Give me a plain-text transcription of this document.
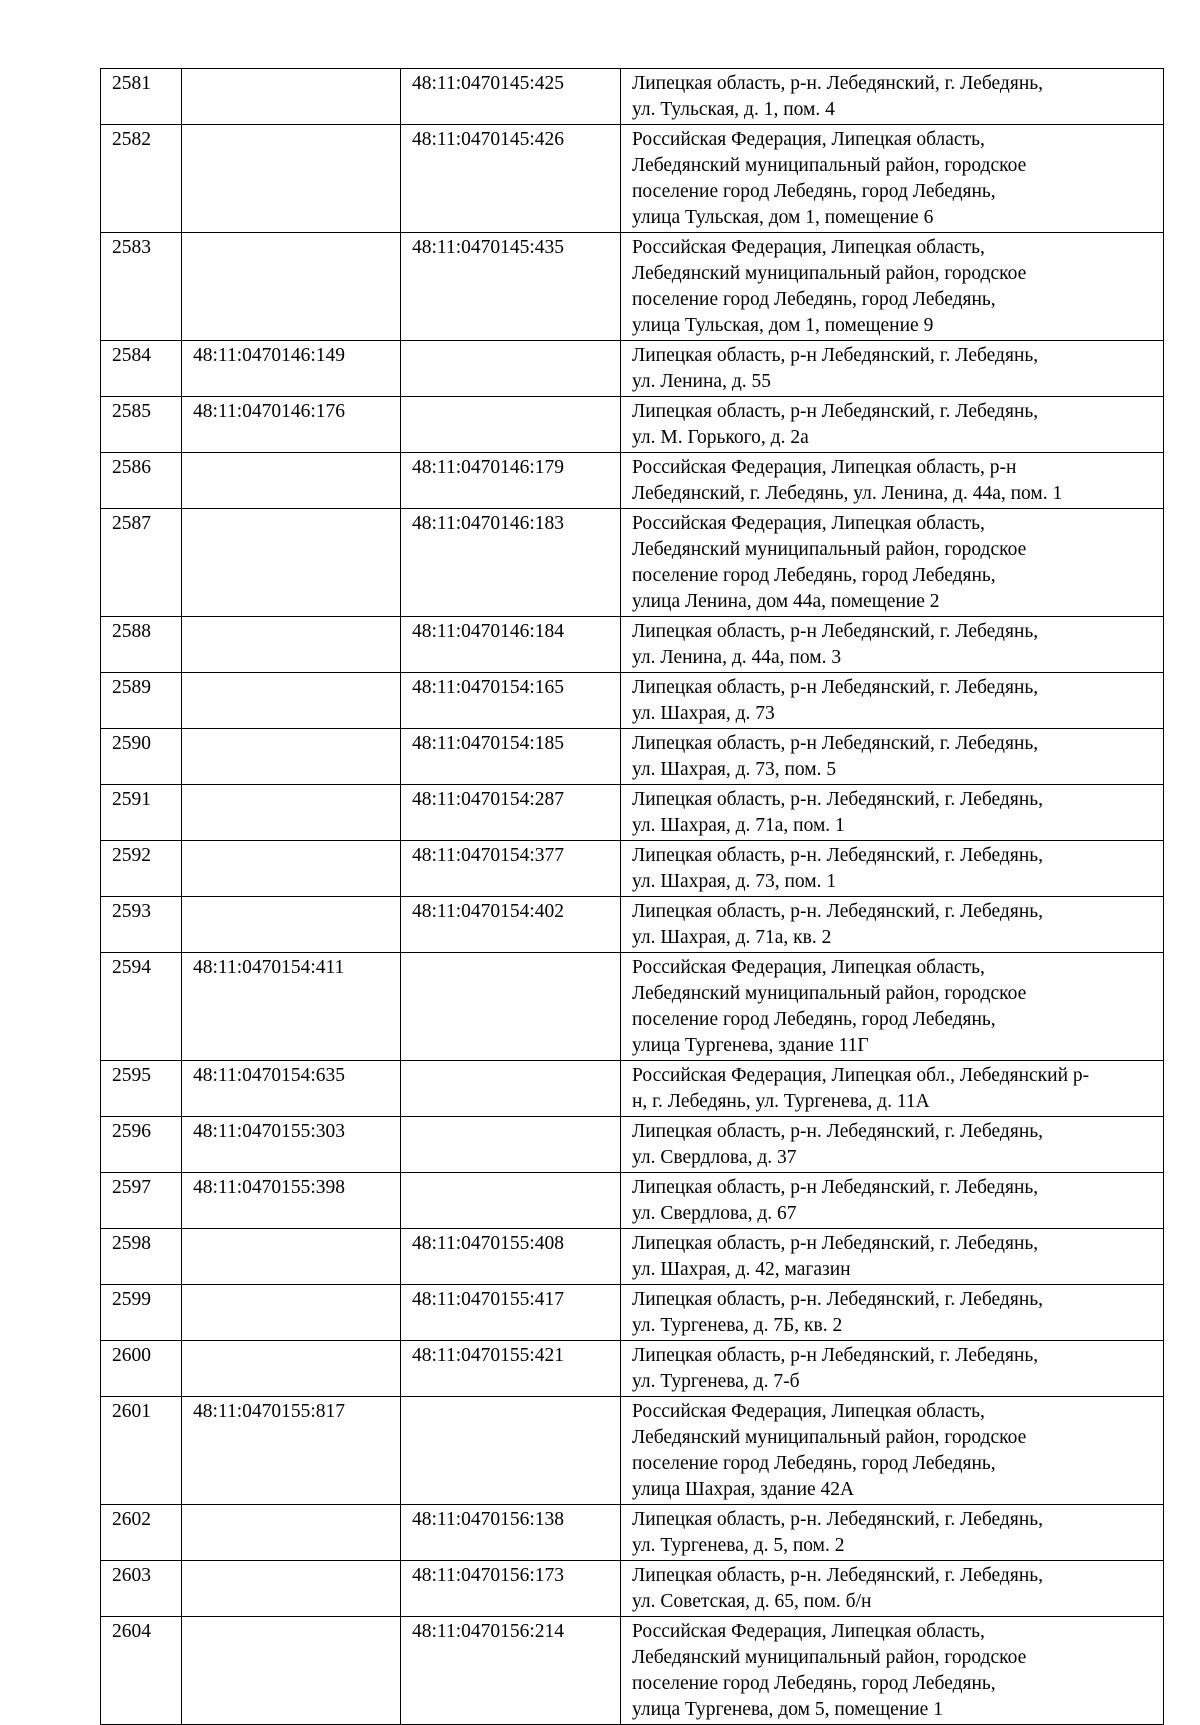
2581		48:11:0470145:425	Липецкая область, р-н. Лебедянский, г. Лебедянь,
ул. Тульская, д. 1, пом. 4
2582		48:11:0470145:426	Российская Федерация, Липецкая область,
Лебедянский муниципальный район, городское
поселение город Лебедянь, город Лебедянь,
улица Тульская, дом 1, помещение 6
2583		48:11:0470145:435	Российская Федерация, Липецкая область,
Лебедянский муниципальный район, городское
поселение город Лебедянь, город Лебедянь,
улица Тульская, дом 1, помещение 9
2584	48:11:0470146:149		Липецкая область, р-н Лебедянский, г. Лебедянь,
ул. Ленина, д. 55
2585	48:11:0470146:176		Липецкая область, р-н Лебедянский, г. Лебедянь,
ул. М. Горького, д. 2а
2586		48:11:0470146:179	Российская Федерация, Липецкая область, р-н
Лебедянский, г. Лебедянь, ул. Ленина, д. 44а, пом. 1
2587		48:11:0470146:183	Российская Федерация, Липецкая область,
Лебедянский муниципальный район, городское
поселение город Лебедянь, город Лебедянь,
улица Ленина, дом 44а, помещение 2
2588		48:11:0470146:184	Липецкая область, р-н Лебедянский, г. Лебедянь,
ул. Ленина, д. 44а, пом. 3
2589		48:11:0470154:165	Липецкая область, р-н Лебедянский, г. Лебедянь,
ул. Шахрая, д. 73
2590		48:11:0470154:185	Липецкая область, р-н Лебедянский, г. Лебедянь,
ул. Шахрая, д. 73, пом. 5
2591		48:11:0470154:287	Липецкая область, р-н. Лебедянский, г. Лебедянь,
ул. Шахрая, д. 71а, пом. 1
2592		48:11:0470154:377	Липецкая область, р-н. Лебедянский, г. Лебедянь,
ул. Шахрая, д. 73, пом. 1
2593		48:11:0470154:402	Липецкая область, р-н. Лебедянский, г. Лебедянь,
ул. Шахрая, д. 71а, кв. 2
2594	48:11:0470154:411		Российская Федерация, Липецкая область,
Лебедянский муниципальный район, городское
поселение город Лебедянь, город Лебедянь,
улица Тургенева, здание 11Г
2595	48:11:0470154:635		Российская Федерация, Липецкая обл., Лебедянский р-
н, г. Лебедянь, ул. Тургенева, д. 11А
2596	48:11:0470155:303		Липецкая область, р-н. Лебедянский, г. Лебедянь,
ул. Свердлова, д. 37
2597	48:11:0470155:398		Липецкая область, р-н Лебедянский, г. Лебедянь,
ул. Свердлова, д. 67
2598		48:11:0470155:408	Липецкая область, р-н Лебедянский, г. Лебедянь,
ул. Шахрая, д. 42, магазин
2599		48:11:0470155:417	Липецкая область, р-н. Лебедянский, г. Лебедянь,
ул. Тургенева, д. 7Б, кв. 2
2600		48:11:0470155:421	Липецкая область, р-н Лебедянский, г. Лебедянь,
ул. Тургенева, д. 7-б
2601	48:11:0470155:817		Российская Федерация, Липецкая область,
Лебедянский муниципальный район, городское
поселение город Лебедянь, город Лебедянь,
улица Шахрая, здание 42А
2602		48:11:0470156:138	Липецкая область, р-н. Лебедянский, г. Лебедянь,
ул. Тургенева, д. 5, пом. 2
2603		48:11:0470156:173	Липецкая область, р-н. Лебедянский, г. Лебедянь,
ул. Советская, д. 65, пом. б/н
2604		48:11:0470156:214	Российская Федерация, Липецкая область,
Лебедянский муниципальный район, городское
поселение город Лебедянь, город Лебедянь,
улица Тургенева, дом 5, помещение 1
